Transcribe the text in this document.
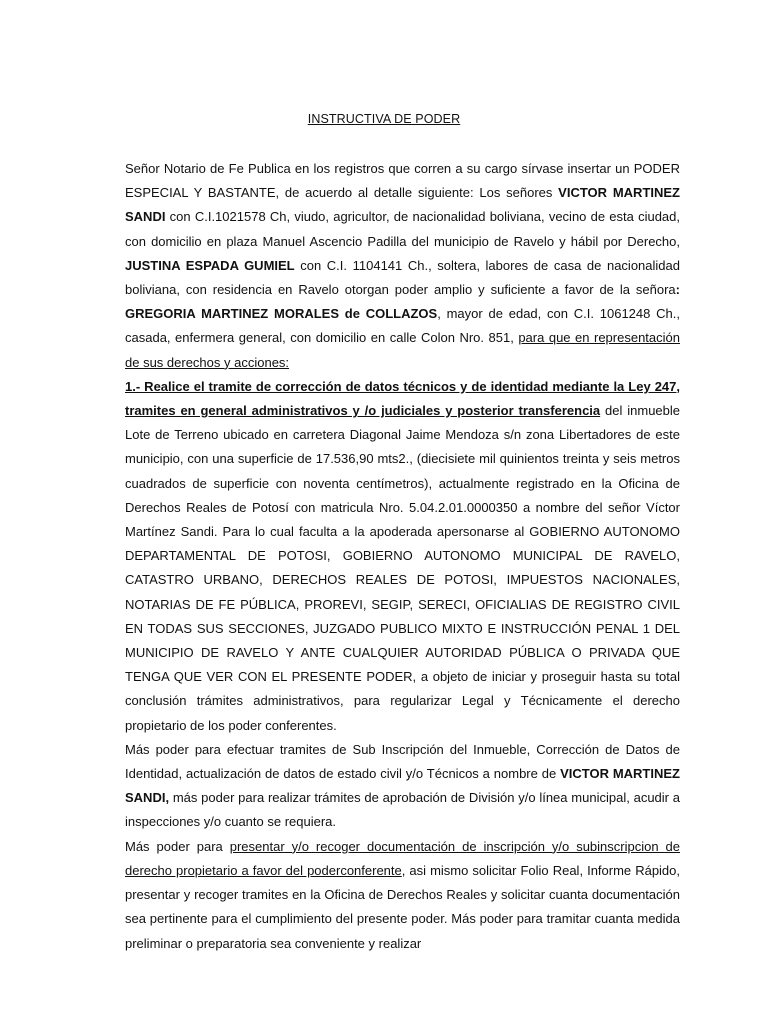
INSTRUCTIVA DE PODER

Señor Notario de Fe Publica en los registros que corren a su cargo sírvase insertar un PODER ESPECIAL Y BASTANTE, de acuerdo al detalle siguiente: Los señores VICTOR MARTINEZ SANDI con C.I.1021578 Ch, viudo, agricultor, de nacionalidad boliviana, vecino de esta ciudad, con domicilio en plaza Manuel Ascencio Padilla del municipio de Ravelo y hábil por Derecho, JUSTINA ESPADA GUMIEL con C.I. 1104141 Ch., soltera, labores de casa de nacionalidad boliviana, con residencia en Ravelo otorgan poder amplio y suficiente a favor de la señora: GREGORIA MARTINEZ MORALES de COLLAZOS, mayor de edad, con C.I. 1061248 Ch., casada, enfermera general, con domicilio en calle Colon Nro. 851, para que en representación de sus derechos y acciones:

1.- Realice el tramite de corrección de datos técnicos y de identidad mediante la Ley 247, tramites en general administrativos y /o judiciales y posterior transferencia del inmueble Lote de Terreno ubicado en carretera Diagonal Jaime Mendoza s/n zona Libertadores de este municipio, con una superficie de 17.536,90 mts2., (diecisiete mil quinientos treinta y seis metros cuadrados de superficie con noventa centímetros), actualmente registrado en la Oficina de Derechos Reales de Potosí con matricula Nro. 5.04.2.01.0000350 a nombre del señor Víctor Martínez Sandi. Para lo cual faculta a la apoderada apersonarse al GOBIERNO AUTONOMO DEPARTAMENTAL DE POTOSI, GOBIERNO AUTONOMO MUNICIPAL DE RAVELO, CATASTRO URBANO, DERECHOS REALES DE POTOSI, IMPUESTOS NACIONALES, NOTARIAS DE FE PÚBLICA, PROREVI, SEGIP, SERECI, OFICIALIAS DE REGISTRO CIVIL EN TODAS SUS SECCIONES, JUZGADO PUBLICO MIXTO E INSTRUCCIÓN PENAL 1 DEL MUNICIPIO DE RAVELO Y ANTE CUALQUIER AUTORIDAD PÚBLICA O PRIVADA QUE TENGA QUE VER CON EL PRESENTE PODER, a objeto de iniciar y proseguir hasta su total conclusión trámites administrativos, para regularizar Legal y Técnicamente el derecho propietario de los poder conferentes.

Más poder para efectuar tramites de Sub Inscripción del Inmueble, Corrección de Datos de Identidad, actualización de datos de estado civil y/o Técnicos a nombre de VICTOR MARTINEZ SANDI, más poder para realizar trámites de aprobación de División y/o línea municipal, acudir a inspecciones y/o cuanto se requiera.

Más poder para presentar y/o recoger documentación de inscripción y/o subinscripcion de derecho propietario a favor del poderconferente, asi mismo solicitar Folio Real, Informe Rápido, presentar y recoger tramites en la Oficina de Derechos Reales y solicitar cuanta documentación sea pertinente para el cumplimiento del presente poder. Más poder para tramitar cuanta medida preliminar o preparatoria sea conveniente y realizar
